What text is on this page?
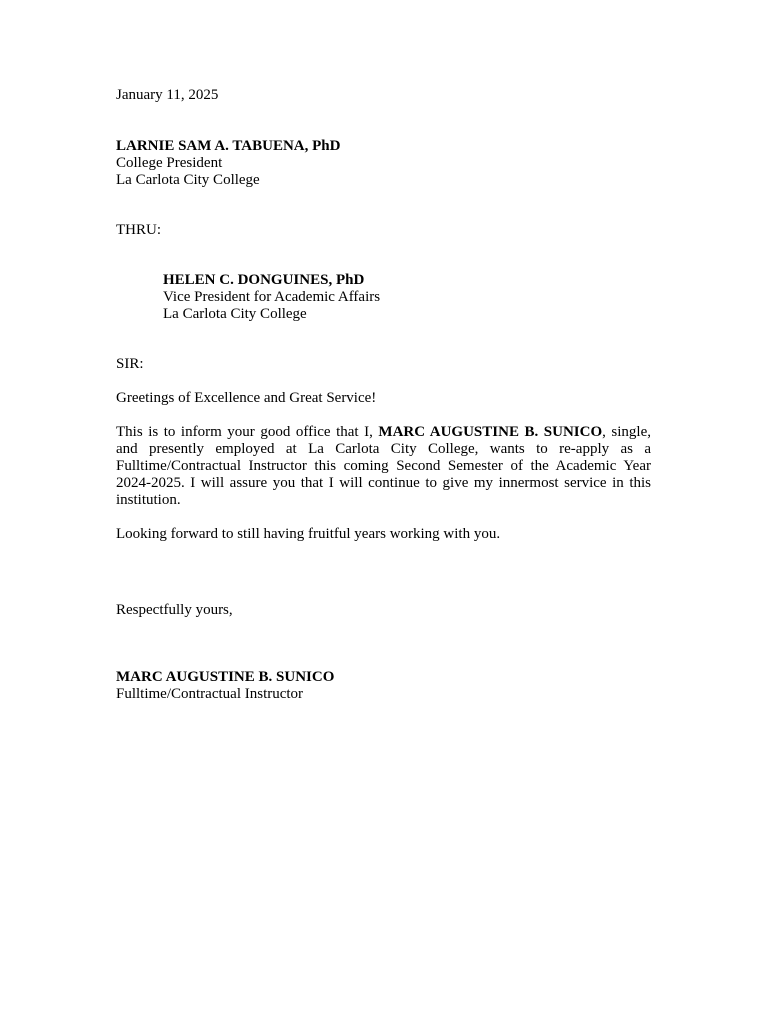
January 11, 2025
LARNIE SAM A. TABUENA, PhD
College President
La Carlota City College
THRU:
HELEN C. DONGUINES, PhD
Vice President for Academic Affairs
La Carlota City College
SIR:
Greetings of Excellence and Great Service!

This is to inform your good office that I, MARC AUGUSTINE B. SUNICO, single, and presently employed at La Carlota City College, wants to re-apply as a Fulltime/Contractual Instructor this coming Second Semester of the Academic Year 2024-2025. I will assure you that I will continue to give my innermost service in this institution.

Looking forward to still having fruitful years working with you.
Respectfully yours,
MARC AUGUSTINE B. SUNICO
Fulltime/Contractual Instructor
